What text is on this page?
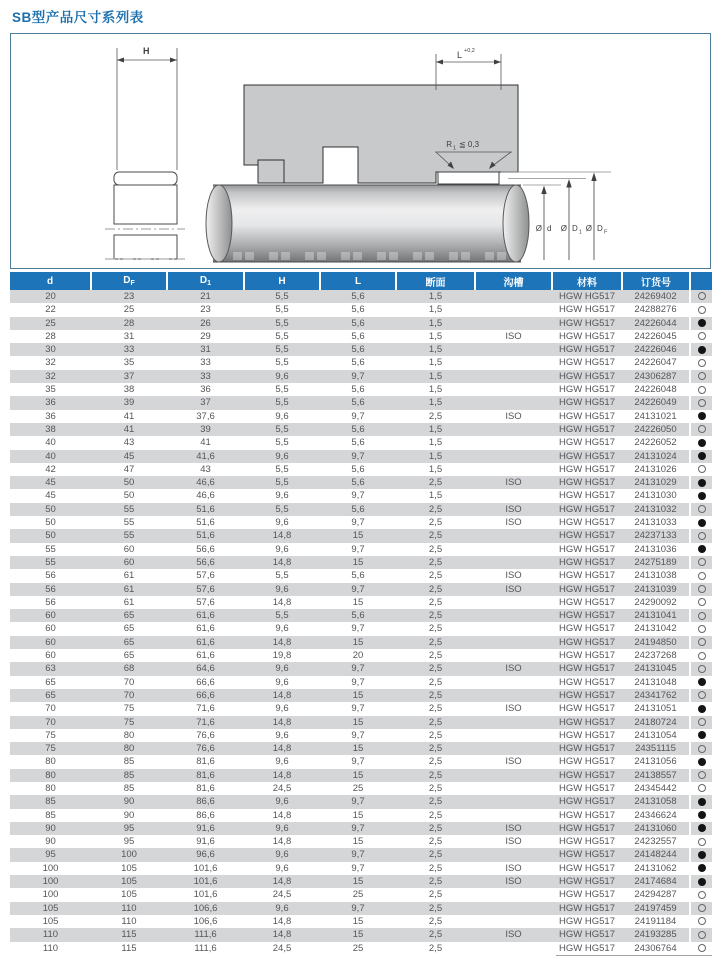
SB型产品尺寸系列表
H	L +0,2
R 1 ≦ 0,3
Ø d Ø D 1 Ø D F
d	$D_F$	$D_1$	H	L	断面	沟槽	材料	订货号	
20	23	21	5,5	5,6	1,5		HGW HG517	24269402	
22	25	23	5,5	5,6	1,5		HGW HG517	24288276	
25	28	26	5,5	5,6	1,5		HGW HG517	24226044	
28	31	29	5,5	5,6	1,5	ISO	HGW HG517	24226045	
30	33	31	5,5	5,6	1,5		HGW HG517	24226046	
32	35	33	5,5	5,6	1,5		HGW HG517	24226047	
32	37	33	9,6	9,7	1,5		HGW HG517	24306287	
35	38	36	5,5	5,6	1,5		HGW HG517	24226048	
36	39	37	5,5	5,6	1,5		HGW HG517	24226049	
36	41	37,6	9,6	9,7	2,5	ISO	HGW HG517	24131021	
38	41	39	5,5	5,6	1,5		HGW HG517	24226050	
40	43	41	5,5	5,6	1,5		HGW HG517	24226052	
40	45	41,6	9,6	9,7	1,5		HGW HG517	24131024	
42	47	43	5,5	5,6	1,5		HGW HG517	24131026	
45	50	46,6	5,5	5,6	2,5	ISO	HGW HG517	24131029	
45	50	46,6	9,6	9,7	1,5		HGW HG517	24131030	
50	55	51,6	5,5	5,6	2,5	ISO	HGW HG517	24131032	
50	55	51,6	9,6	9,7	2,5	ISO	HGW HG517	24131033	
50	55	51,6	14,8	15	2,5		HGW HG517	24237133	
55	60	56,6	9,6	9,7	2,5		HGW HG517	24131036	
55	60	56,6	14,8	15	2,5		HGW HG517	24275189	
56	61	57,6	5,5	5,6	2,5	ISO	HGW HG517	24131038	
56	61	57,6	9,6	9,7	2,5	ISO	HGW HG517	24131039	
56	61	57,6	14,8	15	2,5		HGW HG517	24290092	
60	65	61,6	5,5	5,6	2,5		HGW HG517	24131041	
60	65	61,6	9,6	9,7	2,5		HGW HG517	24131042	
60	65	61,6	14,8	15	2,5		HGW HG517	24194850	
60	65	61,6	19,8	20	2,5		HGW HG517	24237268	
63	68	64,6	9,6	9,7	2,5	ISO	HGW HG517	24131045	
65	70	66,6	9,6	9,7	2,5		HGW HG517	24131048	
65	70	66,6	14,8	15	2,5		HGW HG517	24341762	
70	75	71,6	9,6	9,7	2,5	ISO	HGW HG517	24131051	
70	75	71,6	14,8	15	2,5		HGW HG517	24180724	
75	80	76,6	9,6	9,7	2,5		HGW HG517	24131054	
75	80	76,6	14,8	15	2,5		HGW HG517	24351115	
80	85	81,6	9,6	9,7	2,5	ISO	HGW HG517	24131056	
80	85	81,6	14,8	15	2,5		HGW HG517	24138557	
80	85	81,6	24,5	25	2,5		HGW HG517	24345442	
85	90	86,6	9,6	9,7	2,5		HGW HG517	24131058	
85	90	86,6	14,8	15	2,5		HGW HG517	24346624	
90	95	91,6	9,6	9,7	2,5	ISO	HGW HG517	24131060	
90	95	91,6	14,8	15	2,5	ISO	HGW HG517	24232557	
95	100	96,6	9,6	9,7	2,5		HGW HG517	24148244	
100	105	101,6	9,6	9,7	2,5	ISO	HGW HG517	24131062	
100	105	101,6	14,8	15	2,5	ISO	HGW HG517	24174684	
100	105	101,6	24,5	25	2,5		HGW HG517	24294287	
105	110	106,6	9,6	9,7	2,5		HGW HG517	24197459	
105	110	106,6	14,8	15	2,5		HGW HG517	24191184	
110	115	111,6	14,8	15	2,5	ISO	HGW HG517	24193285	
110	115	111,6	24,5	25	2,5		HGW HG517	24306764	
